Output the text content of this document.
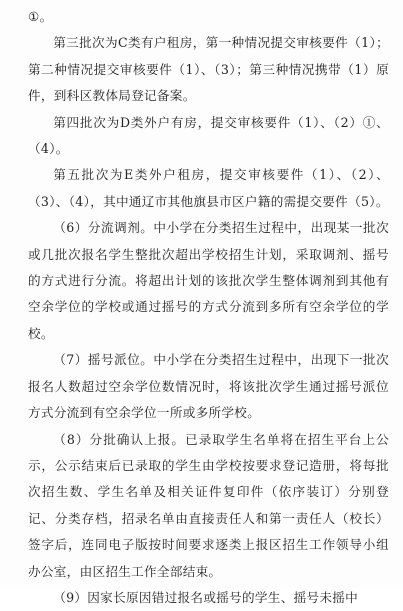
①。

第三批次为C类有户租房，第一种情况提交审核要件（1）；第二种情况提交审核要件（1）、（3）；第三种情况携带（1）原件，到科区教体局登记备案。

第四批次为D类外户有房，提交审核要件（1）、（2）①、（4）。

第五批次为E类外户租房，提交审核要件（1）、（2）、（3）、（4），其中通辽市其他旗县市区户籍的需提交要件（5）。

（6）分流调剂。中小学在分类招生过程中，出现某一批次或几批次报名学生整批次超出学校招生计划，采取调剂、摇号的方式进行分流。将超出计划的该批次学生整体调剂到其他有空余学位的学校或通过摇号的方式分流到多所有空余学位的学校。

（7）摇号派位。中小学在分类招生过程中，出现下一批次报名人数超过空余学位数情况时，将该批次学生通过摇号派位方式分流到有空余学位一所或多所学校。

（8）分批确认上报。已录取学生名单将在招生平台上公示，公示结束后已录取的学生由学校按要求登记造册，将每批次招生数、学生名单及相关证件复印件（依序装订）分别登记、分类存档，招录名单由直接责任人和第一责任人（校长）签字后，连同电子版按时间要求逐类上报区招生工作领导小组办公室，由区招生工作全部结束。

（9）因家长原因错过报名或摇号的学生、摇号未摇中
